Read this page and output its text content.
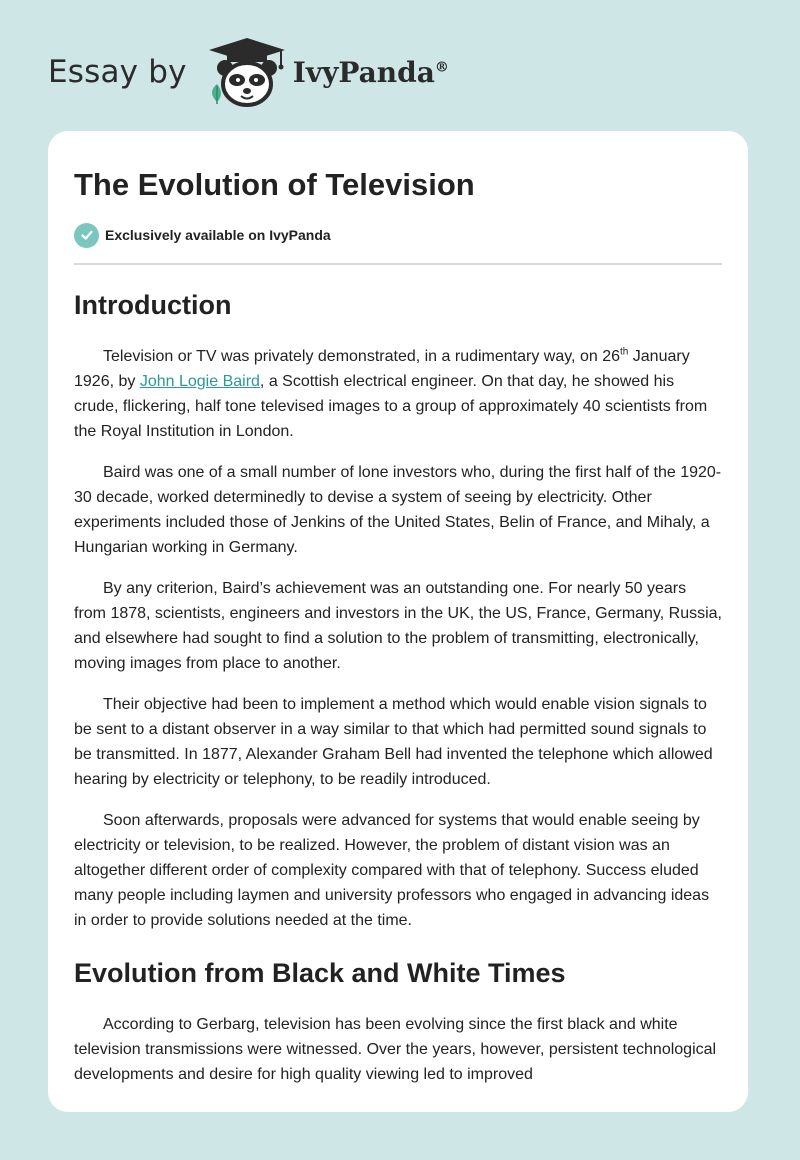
Essay by	IvyPanda®
The Evolution of Television
Exclusively available on IvyPanda
Introduction

Television or TV was privately demonstrated, in a rudimentary way, on 26th January 1926, by John Logie Baird, a Scottish electrical engineer. On that day, he showed his crude, flickering, half tone televised images to a group of approximately 40 scientists from the Royal Institution in London.

Baird was one of a small number of lone investors who, during the first half of the 1920-30 decade, worked determinedly to devise a system of seeing by electricity. Other experiments included those of Jenkins of the United States, Belin of France, and Mihaly, a Hungarian working in Germany.

By any criterion, Baird’s achievement was an outstanding one. For nearly 50 years from 1878, scientists, engineers and investors in the UK, the US, France, Germany, Russia, and elsewhere had sought to find a solution to the problem of transmitting, electronically, moving images from place to another.

Their objective had been to implement a method which would enable vision signals to be sent to a distant observer in a way similar to that which had permitted sound signals to be transmitted. In 1877, Alexander Graham Bell had invented the telephone which allowed hearing by electricity or telephony, to be readily introduced.

Soon afterwards, proposals were advanced for systems that would enable seeing by electricity or television, to be realized. However, the problem of distant vision was an altogether different order of complexity compared with that of telephony. Success eluded many people including laymen and university professors who engaged in advancing ideas in order to provide solutions needed at the time.

Evolution from Black and White Times

According to Gerbarg, television has been evolving since the first black and white television transmissions were witnessed. Over the years, however, persistent technological developments and desire for high quality viewing led to improved
